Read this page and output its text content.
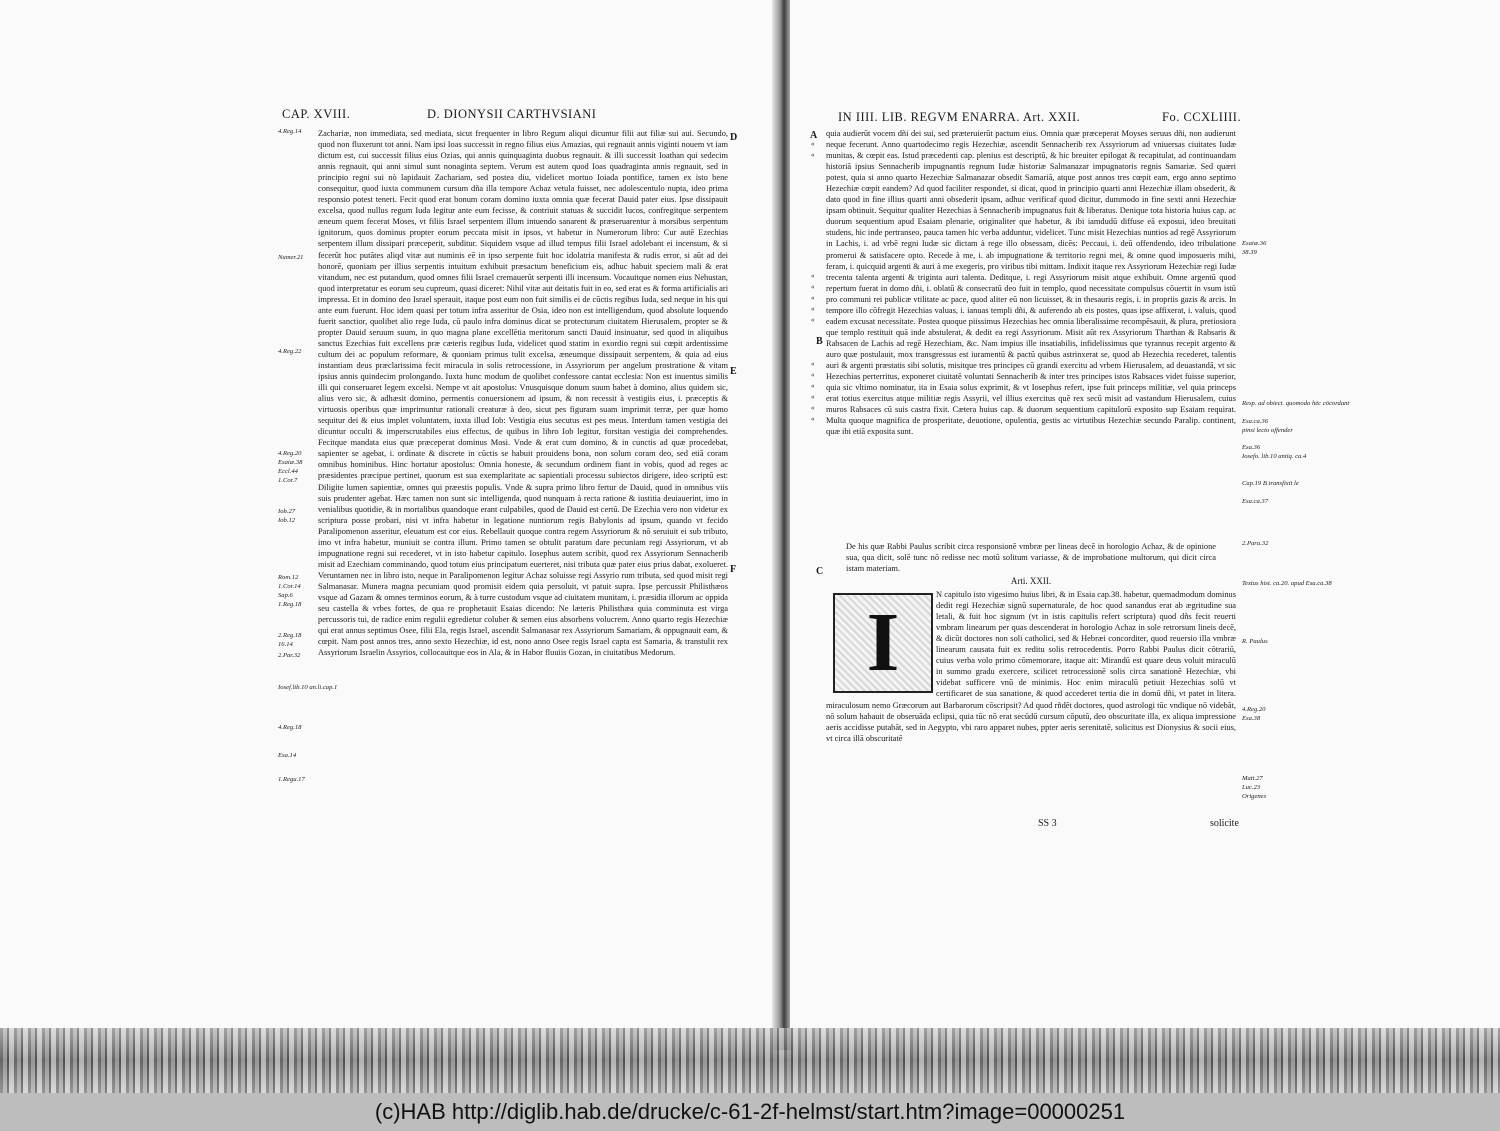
CAP. XVIII.	D. DIONYSII CARTHVSIANI
4.Reg.14
Numer.21
4.Reg.22
4.Reg.20
Esaiæ.38
Eccl.44
1.Cor.7
Iob.27
Iob.12
Rom.12
1.Cor.14
Sap.6
1.Reg.18
2.Reg.18
16.14
2.Par.32
Iosef.lib.10 an.li.cap.1
4.Reg.18
Esa.14
1.Regu.17
D
E
F

Zachariæ, non immediata, sed mediata, sicut frequenter in libro Regum aliqui dicuntur filii aut filiæ sui aui. Secundo, quod non fluxerunt tot anni. Nam ipsi Ioas successit in regno filius eius Amazias, qui regnauit annis viginti nouem vt iam dictum est, cui successit filius eius Ozias, qui annis quinquaginta duobus regnauit. & illi successit Ioathan qui sedecim annis regnauit, qui anni simul sunt nonaginta septem. Verum est autem quod Ioas quadraginta annis regnauit, sed in principio regni sui nò lapidauit Zachariam, sed postea diu, videlicet mortuo Ioiada pontifice, tamen ex isto bene consequitur, quod iuxta communem cursum dña illa tempore Achaz vetula fuisset, nec adolescentulo nupta, ideo prima responsio potest teneri. Fecit quod erat bonum coram domino iuxta omnia quæ fecerat Dauid pater eius. Ipse dissipauit excelsa, quod nullus regum Iuda legitur ante eum fecisse, & contriuit statuas & succidit lucos, confregitque serpentem æneum quem fecerat Moses, vt filiis Israel serpentem illum intuendo sanarent & præseruarentur à morsibus serpentum ignitorum, quos dominus propter eorum peccata misit in ipsos, vt habetur in Numerorum libro: Cur autē Ezechias serpentem illum dissipari præceperit, subditur. Siquidem vsque ad illud tempus filii Israel adolebant ei incensum, & si fecerūt hoc putātes aliqd vitæ aut numinis eē in ipso serpente fuit hoc idolatria manifesta & rudis error, si aūt ad dei honorē, quoniam per illius serpentis intuitum exhibuit præsactum beneficium eis, adhuc habuit speciem mali & erat vitandum, nec est putandum, quod omnes filii Israel cremauerūt serpenti illi incensum. Vocauitque nomen eius Nehustan, quod interpretatur es eorum seu cupreum, quasi diceret: Nihil vitæ aut deitatis fuit in eo, sed erat es & forma artificialis ari impressa. Et in domino deo Israel sperauit, itaque post eum non fuit similis ei de cūctis regibus Iuda, sed neque in his qui ante eum fuerunt. Hoc idem quasi per totum infra asseritur de Osia, ideo non est intelligendum, quod absolute loquendo fuerit sanctior, quolibet alio rege Iuda, cū paulo infra dominus dicat se protecturum ciuitatem Hierusalem, propter se & propter Dauid seruum suum, in quo magna plane excellētia meritorum sancti Dauid insinuatur, sed quod in aliquibus sanctus Ezechias fuit excellens præ cæteris regibus Iuda, videlicet quod statim in exordio regni sui cœpit ardentissime cultum dei ac populum reformare, & quoniam primus tulit excelsa, æneumque dissipauit serpentem, & quia ad eius instantiam deus præclarissima fecit miracula in solis retrocessione, in Assyriorum per angelum prostratione & vitam ipsius annis quindecim prolongando. Iuxta hunc modum de quolibet confessore cantat ecclesia: Non est inuentus similis illi qui conseruaret legem excelsi. Nempe vt ait apostolus: Vnusquisque donum suum habet à domino, alius quidem sic, alius vero sic, & adhæsit domino, permentis conuersionem ad ipsum, & non recessit à vestigiis eius, i. præceptis & virtuosis operibus quæ imprimuntur rationali creaturæ à deo, sicut pes figuram suam imprimit terræ, per quæ homo sequitur dei & eius implet voluntatem, iuxta illud Iob: Vestigia eius secutus est pes meus. Interdum tamen vestigia dei dicuntur occulti & imperscrutabiles eius effectus, de quibus in libro Iob legitur, forsitan vestigia dei comprehendes. Fecitque mandata eius quæ præceperat dominus Mosi. Vnde & erat cum domino, & in cunctis ad quæ procedebat, sapienter se agebat, i. ordinate & discrete in cūctis se habuit prouidens bona, non solum coram deo, sed etiā coram omnibus hominibus. Hinc hortatur apostolus: Omnia honeste, & secundum ordinem fiant in vobis, quod ad reges ac præsidentes præcipue pertinet, quorum est sua exemplaritate ac sapientiali processu subiectos dirigere, ideo scriptū est: Diligite lumen sapientiæ, omnes qui præestis populis. Vnde & supra primo libro fertur de Dauid, quod in omnibus viis suis prudenter agebat. Hæc tamen non sunt sic intelligenda, quod nunquam à recta ratione & iustitia deuiauerint, imo in venialibus quotidie, & in mortalibus quandoque erant culpabiles, quod de Dauid est certū. De Ezechia vero non videtur ex scriptura posse probari, nisi vt infra habetur in legatione nuntiorum regis Babylonis ad ipsum, quando vt fecido Paralipomenon asseritur, eleuatum est cor eius. Rebellauit quoque contra regem Assyriorum & nō seruiuit ei sub tributo, imo vt infra habetur, muniuit se contra illum. Primo tamen se obtulit paratum dare pecuniam regi Assyriorum, vt ab impugnatione regni sui recederet, vt in isto habetur capitulo. Iosephus autem scribit, quod rex Assyriorum Sennacherib misit ad Ezechiam comminando, quod totum eius principatum euerteret, nisi tributa quæ pater eius prius dabat, exolueret. Veruntamen nec in libro isto, neque in Paralipomenon legitur Achaz soluisse regi Assyrio rum tributa, sed quod misit regi Salmanasar. Munera magna pecuniam quod promisit eidem quia persoluit, vt patuit supra. Ipse percussit Philisthæos vsque ad Gazam & omnes terminos eorum, & à turre custodum vsque ad ciuitatem munitam, i. præsidia illorum ac oppida seu castella & vrbes fortes, de qua re prophetauit Esaias dicendo: Ne læteris Philisthæa quia comminuta est virga percussoris tui, de radice enim regulii egredietur coluber & semen eius absorbens volucrem. Anno quarto regis Hezechiæ qui erat annus septimus Osee, filii Ela, regis Israel, ascendit Salmanasar rex Assyriorum Samariam, & oppugnauit eam, & cœpit. Nam post annos tres, anno sexto Hezechiæ, id est, nono anno Osee regis Israel capta est Samaria, & transtulit rex Assyriorum Israelin Assyrios, collocauitque eos in Ala, & in Habor fluuiis Gozan, in ciuitatibus Medorum.

IN IIII. LIB. REGVM ENARRA. Art. XXII.	Fo. CCXLIIII.
A
B
C
«
«
«
«
«
«
«
«
«
«
«
«
«

quia audierūt vocem dñi dei sui, sed præteruierūt pactum eius. Omnia quæ præceperat Moyses seruus dñi, non audierunt neque fecerunt. Anno quartodecimo regis Hezechiæ, ascendit Sennacherib rex Assyriorum ad vniuersas ciuitates Iudæ munitas, & cœpit eas. Istud præcedenti cap. plenius est descriptū, & hic breuiter epilogat & recapitulat, ad continuandam historiā ipsius Sennacherib impugnantis regnum Iudæ historiæ Salmanazar impugnatoris regnis Samariæ. Sed quæri potest, quia si anno quarto Hezechiæ Salmanazar obsedit Samariā, atque post annos tres cœpit eam, ergo anno septimo Hezechiæ cœpit eandem? Ad quod faciliter respondet, si dicat, quod in principio quarti anni Hezechiæ illam obsederit, & dato quod in fine illius quarti anni obsederit ipsam, adhuc verificaf quod dicitur, dummodo in fine sexti anni Hezechiæ ipsam obtinuit. Sequitur qualiter Hezechias à Sennacherib impugnatus fuit & liberatus. Denique tota historia huius cap. ac duorum sequentium apud Esaiam plenarie, originaliter que habetur, & ibi iamdudū diffuse eā exposui, ideo breuitati studens, hic inde pertranseo, pauca tamen hic verba adduntur, videlicet. Tunc misit Hezechias nuntios ad regē Assyriorum in Lachis, i. ad vrbē regni Iudæ sic dictam à rege illo obsessam, dicēs: Peccaui, i. deū offendendo, ideo tribulatione promerui & satisfacere opto. Recede à me, i. ab impugnatione & territorio regni mei, & omne quod imposueris mihi, feram, i. quicquid argenti & auri à me exegeris, pro viribus tibi mittam. Indixit itaque rex Assyriorum Hezechiæ regi Iudæ trecenta talenta argenti & triginta auri talenta. Deditque, i. regi Assyriorum misit atque exhibuit. Omne argentū quod repertum fuerat in domo dñi, i. oblatū & consecratū deo fuit in templo, quod necessitate compulsus cōuertit in vsum istū pro communi rei publicæ vtilitate ac pace, quod aliter eū non licuisset, & in thesauris regis, i. in propriis gazis & arcis. In tempore illo cōfregit Hezechias valuas, i. ianuas templi dñi, & auferendo ab eis postes, quas ipse affixerat, i. valuis, quod eadem excusat necessitate. Postea quoque piissimus Hezechias hec omnia liberalissime recompēsauit, & plura, pretiosiora que templo restituit quā inde abstulerat, & dedit ea regi Assyriorum. Misit aūt rex Assyriorum Tharthan & Rabsaris & Rabsacen de Lachis ad regē Hezechiam, &c. Nam impius ille insatiabilis, infidelissimus que tyrannus recepit argento & auro quæ postulauit, mox transgressus est iuramentū & pactū quibus astrinxerat se, quod ab Hezechia recederet, talentis auri & argenti præstatis sibi solutis, misitque tres principes cū grandi exercitu ad vrbem Hierusalem, ad deuastandā, vt sic Hezechias perterritus, exponeret ciuitatē voluntati Sennacherib & inter tres principes istos Rabsaces videt fuisse superior, quia sic vltimo nominatur, ita in Esaia solus exprimit, & vt Iosephus refert, ipse fuit princeps militiæ, vel quia princeps erat totius exercitus atque militiæ regis Assyrii, vel illius exercitus quē rex secū misit ad vastandum Hierusalem, cuius muros Rabsaces cū suis castra fixit. Cætera huius cap. & duorum sequentium capitulorū exposito sup Esaiam requirat. Multa quoque magnifica de prosperitate, deuotione, opulentia, gestis ac virtutibus Hezechiæ secundo Paralip. continent, quæ ibi etiā exposita sunt.

De his quæ Rabbi Paulus scribit circa responsionē vmbræ per lineas decē in horologio Achaz, & de opinione sua, qua dicit, solē tunc nō redisse nec motū solitum variasse, & de improbatione multorum, qui dicit circa istam materiam.

Arti. XXII.

N capitulo isto vigesimo huius libri, & in Esaia cap.38. habetur, quemadmodum dominus dedit regi Hezechiæ signū supernaturale, de hoc quod sanandus erat ab ægritudine sua letali, & fuit hoc signum (vt in istis capitulis refert scriptura) quod dñs fecit reuerti vmbram linearum per quas descenderat in horologio Achaz in sole retrorsum lineis decē, & dicūt doctores non soli catholici, sed & Hebræi concorditer, quod reuersio illa vmbræ linearum causata fuit ex reditu solis retrocedentis. Porro Rabbi Paulus dicit cōtrariū, cuius verba volo primo cōmemorare, itaque ait: Mirandū est quare deus voluit miraculū in summo gradu exercere, scilicet retrocessionē solis circa sanationē Hezechiæ, vbi videbat sufficere vnū de minimis. Hoc enim miraculū petiuit Hezechias solū vt certificaret de sua sanatione, & quod accederet tertia die in domū dñi, vt patet in litera.

miraculosum nemo Græcorum aut Barbarorum cōscripsit? Ad quod rñdēt doctores, quod astrologi tūc vndique nō videbāt, nō solum habauit de obseruāda eclipsi, quia tūc nō erat secūdū cursum cōputū, deo obscuritate illa, ex aliqua impressione aeris accidisse putabāt, sed in Aegypto, vbi raro apparet nubes, ppter aeris serenitatē, solicitus est Dionysius & socii eius, vt circa illā obscuritatē

Esaiæ.36
38.39
Resp. ad obiect. quomodo hēc cōcordant
Esa.ca.36
pinsi lecto offender
Esa.36
Iosefo. lib.10 antiq. ca.4
Cap.19 B transfixit le
Esa.ca.37
2.Para.32
Textus hist. ca.20. apud Esa.ca.38
R. Paulus
4.Reg.20
Esa.38
Matt.27
Luc.23
Origenes
SS 3	solicite
I
(c)HAB http://diglib.hab.de/drucke/c-61-2f-helmst/start.htm?image=00000251
